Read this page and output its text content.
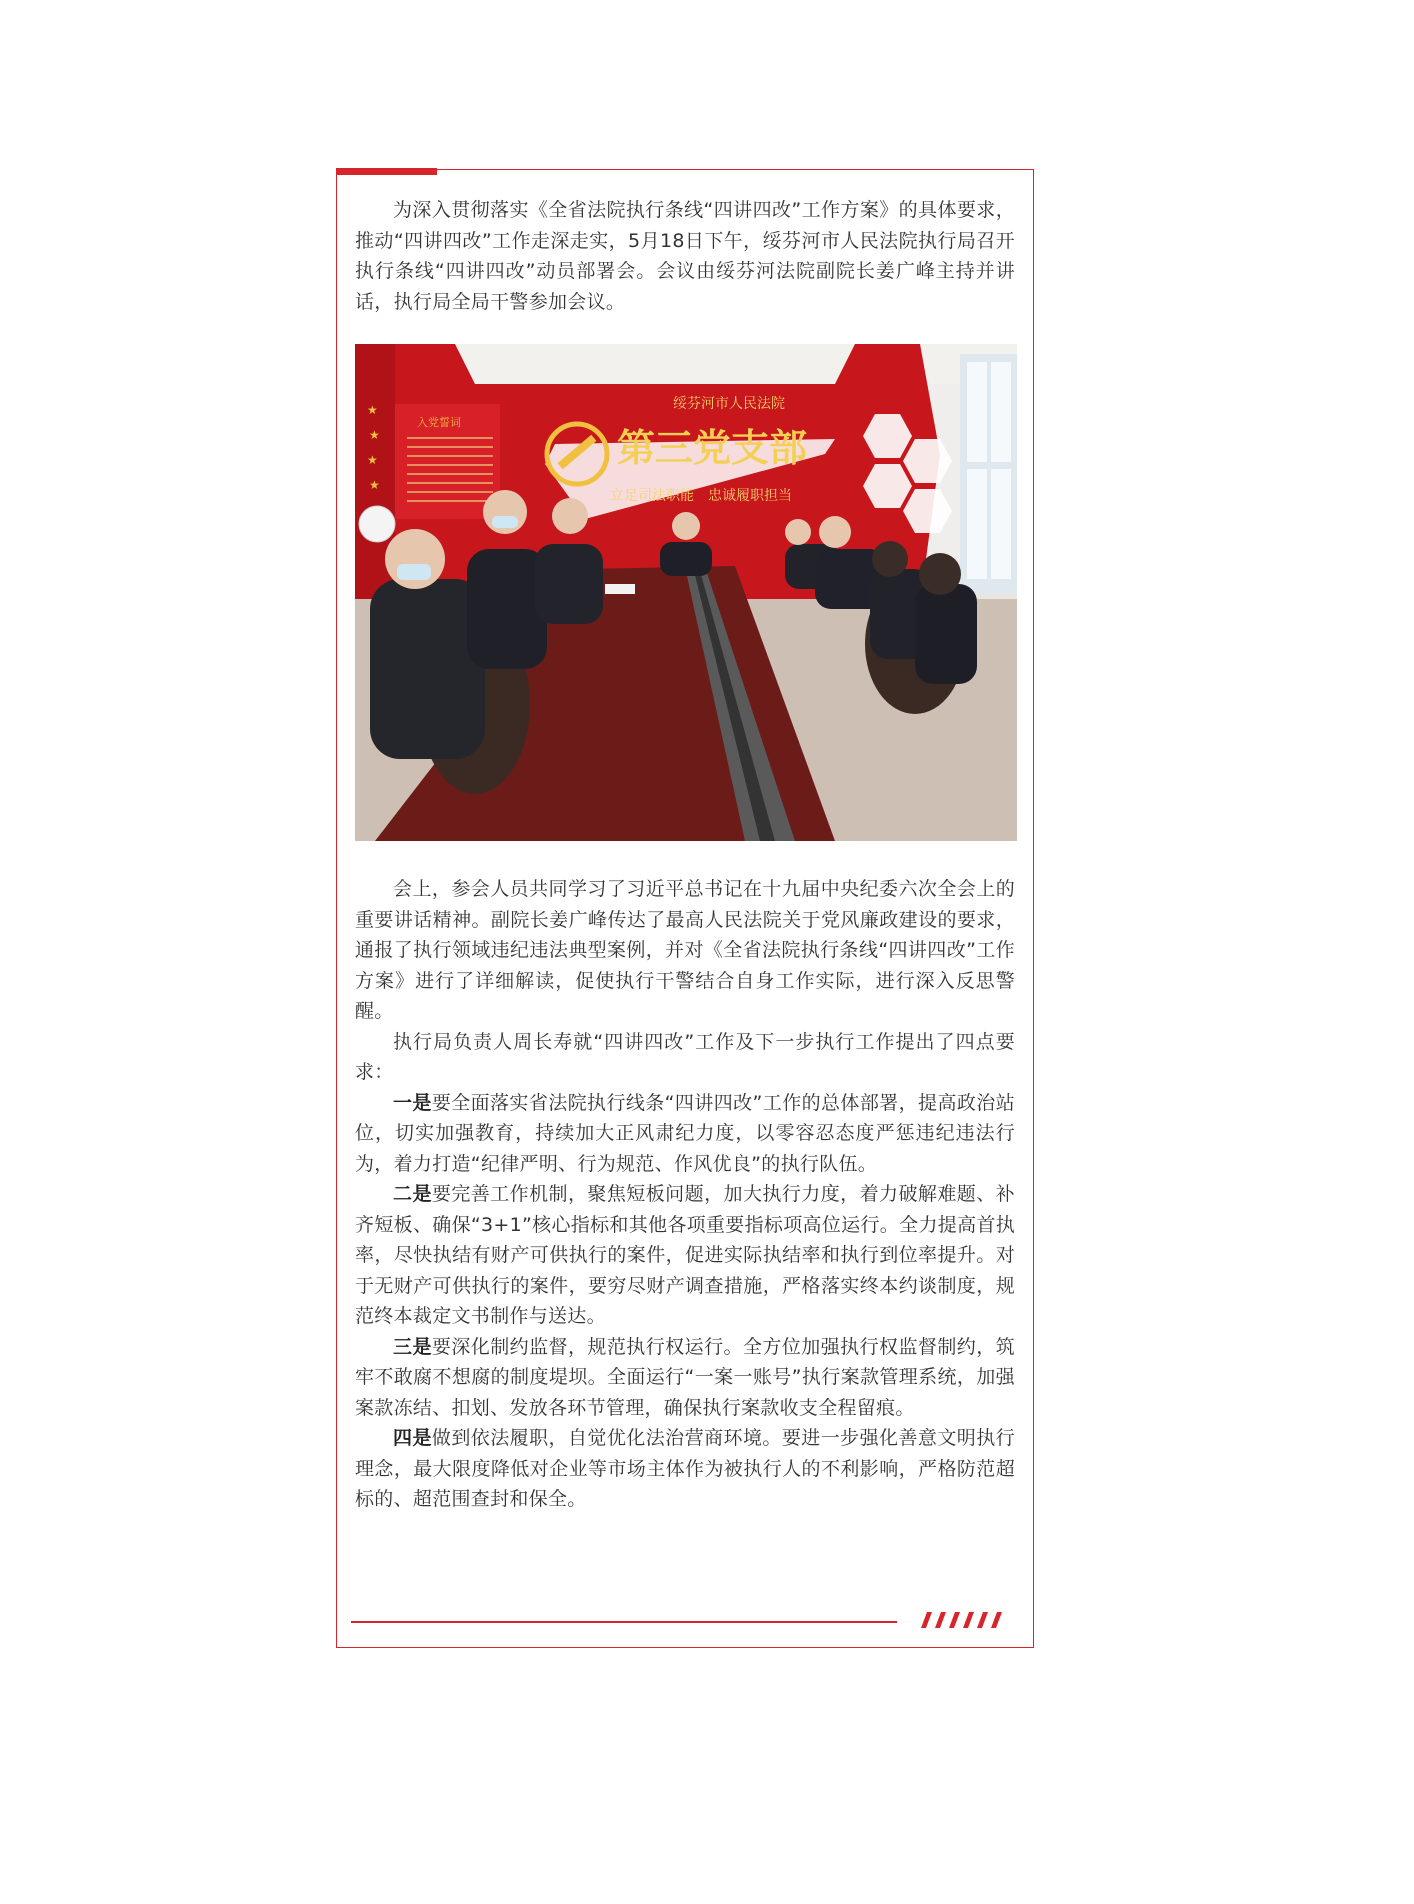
为深入贯彻落实《全省法院执行条线“四讲四改”工作方案》的具体要求，推动“四讲四改”工作走深走实，5月18日下午，绥芬河市人民法院执行局召开执行条线“四讲四改”动员部署会。会议由绥芬河法院副院长姜广峰主持并讲话，执行局全局干警参加会议。

入党誓词
★
★
★
★
绥芬河市人民法院
第三党支部
立足司法职能　忠诚履职担当

会上，参会人员共同学习了习近平总书记在十九届中央纪委六次全会上的重要讲话精神。副院长姜广峰传达了最高人民法院关于党风廉政建设的要求，通报了执行领域违纪违法典型案例，并对《全省法院执行条线“四讲四改”工作方案》进行了详细解读，促使执行干警结合自身工作实际，进行深入反思警醒。

执行局负责人周长寿就“四讲四改”工作及下一步执行工作提出了四点要求：

一是要全面落实省法院执行线条“四讲四改”工作的总体部署，提高政治站位，切实加强教育，持续加大正风肃纪力度，以零容忍态度严惩违纪违法行为，着力打造“纪律严明、行为规范、作风优良”的执行队伍。

二是要完善工作机制，聚焦短板问题，加大执行力度，着力破解难题、补齐短板、确保“3+1”核心指标和其他各项重要指标项高位运行。全力提高首执率，尽快执结有财产可供执行的案件，促进实际执结率和执行到位率提升。对于无财产可供执行的案件，要穷尽财产调查措施，严格落实终本约谈制度，规范终本裁定文书制作与送达。

三是要深化制约监督，规范执行权运行。全方位加强执行权监督制约，筑牢不敢腐不想腐的制度堤坝。全面运行“一案一账号”执行案款管理系统，加强案款冻结、扣划、发放各环节管理，确保执行案款收支全程留痕。

四是做到依法履职，自觉优化法治营商环境。要进一步强化善意文明执行理念，最大限度降低对企业等市场主体作为被执行人的不利影响，严格防范超标的、超范围查封和保全。
